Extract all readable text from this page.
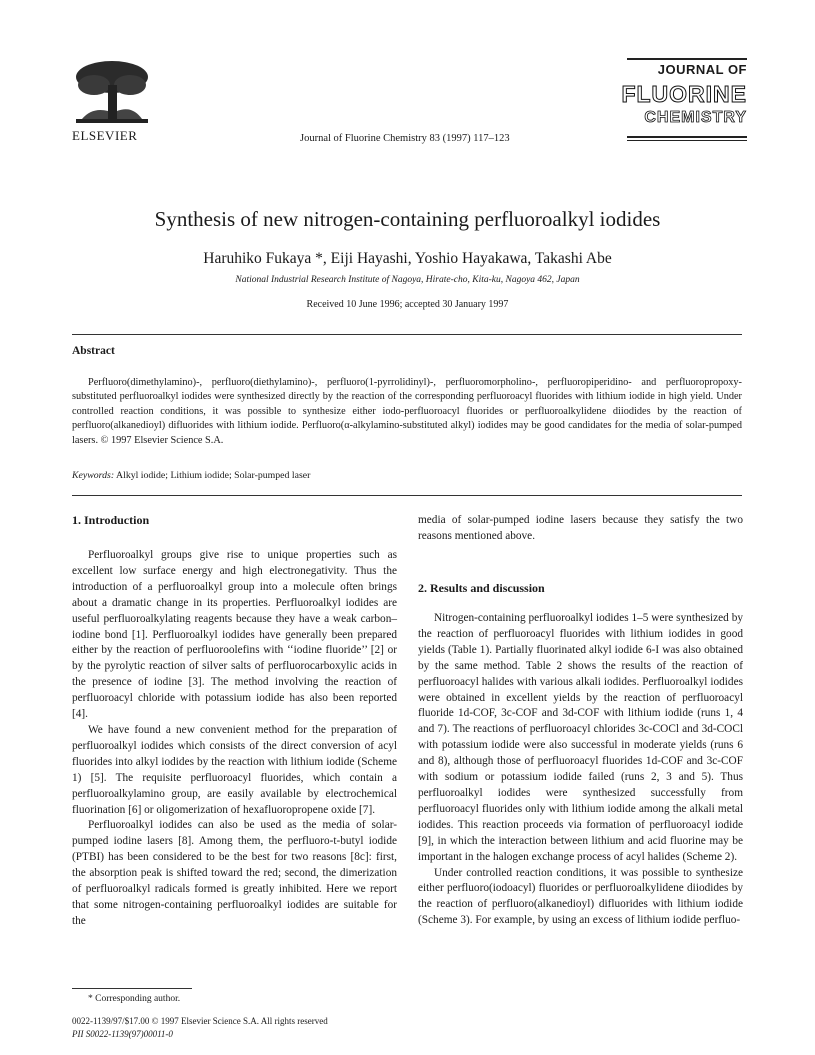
ELSEVIER	Journal of Fluorine Chemistry 83 (1997) 117–123
JOURNAL OF
FLUORINE
CHEMISTRY
Synthesis of new nitrogen-containing perfluoroalkyl iodides
Haruhiko Fukaya *, Eiji Hayashi, Yoshio Hayakawa, Takashi Abe
National Industrial Research Institute of Nagoya, Hirate-cho, Kita-ku, Nagoya 462, Japan
Received 10 June 1996; accepted 30 January 1997
Abstract
Perfluoro(dimethylamino)-, perfluoro(diethylamino)-, perfluoro(1-pyrrolidinyl)-, perfluoromorpholino-, perfluoropiperidino- and perfluoropropoxy-substituted perfluoroalkyl iodides were synthesized directly by the reaction of the corresponding perfluoroacyl fluorides with lithium iodide in high yield. Under controlled reaction conditions, it was possible to synthesize either iodo-perfluoroacyl fluorides or perfluoroalkylidene diiodides by the reaction of perfluoro(alkanedioyl) difluorides with lithium iodide. Perfluoro(α-alkylamino-substituted alkyl) iodides may be good candidates for the media of solar-pumped lasers. © 1997 Elsevier Science S.A.
Keywords: Alkyl iodide; Lithium iodide; Solar-pumped laser
1. Introduction

Perfluoroalkyl groups give rise to unique properties such as excellent low surface energy and high electronegativity. Thus the introduction of a perfluoroalkyl group into a molecule often brings about a dramatic change in its properties. Perfluoroalkyl iodides are useful perfluoroalkylating reagents because they have a weak carbon–iodine bond [1]. Perfluoroalkyl iodides have generally been prepared either by the reaction of perfluoroolefins with ‘‘iodine fluoride’’ [2] or by the pyrolytic reaction of silver salts of perfluorocarboxylic acids in the presence of iodine [3]. The method involving the reaction of perfluoroacyl chloride with potassium iodide has also been reported [4].

We have found a new convenient method for the preparation of perfluoroalkyl iodides which consists of the direct conversion of acyl fluorides into alkyl iodides by the reaction with lithium iodide (Scheme 1) [5]. The requisite perfluoroacyl fluorides, which contain a perfluoroalkylamino group, are easily available by electrochemical fluorination [6] or oligomerization of hexafluoropropene oxide [7].

Perfluoroalkyl iodides can also be used as the media of solar-pumped iodine lasers [8]. Among them, the perfluoro-t-butyl iodide (PTBI) has been considered to be the best for two reasons [8c]: first, the absorption peak is shifted toward the red; second, the dimerization of perfluoroalkyl radicals formed is greatly inhibited. Here we report that some nitrogen-containing perfluoroalkyl iodides are suitable for the

media of solar-pumped iodine lasers because they satisfy the two reasons mentioned above.
2. Results and discussion

Nitrogen-containing perfluoroalkyl iodides 1–5 were synthesized by the reaction of perfluoroacyl fluorides with lithium iodides in good yields (Table 1). Partially fluorinated alkyl iodide 6-I was also obtained by the same method. Table 2 shows the results of the reaction of perfluoroacyl halides with various alkali iodides. Perfluoroalkyl iodides were obtained in excellent yields by the reaction of perfluoroacyl fluoride 1d-COF, 3c-COF and 3d-COF with lithium iodide (runs 1, 4 and 7). The reactions of perfluoroacyl chlorides 3c-COCl and 3d-COCl with potassium iodide were also successful in moderate yields (runs 6 and 8), although those of perfluoroacyl fluorides 1d-COF and 3c-COF with sodium or potassium iodide failed (runs 2, 3 and 5). Thus perfluoroalkyl iodides were synthesized successfully from perfluoroacyl fluorides only with lithium iodide among the alkali metal iodides. This reaction proceeds via formation of perfluoroacyl iodide [9], in which the interaction between lithium and acid fluorine may be important in the halogen exchange process of acyl halides (Scheme 2).

Under controlled reaction conditions, it was possible to synthesize either perfluoro(iodoacyl) fluorides or perfluoroalkylidene diiodides by the reaction of perfluoro(alkanedioyl) difluorides with lithium iodide (Scheme 3). For example, by using an excess of lithium iodide perfluo-

* Corresponding author.
0022-1139/97/$17.00 © 1997 Elsevier Science S.A. All rights reserved
PII S0022-1139(97)00011-0
